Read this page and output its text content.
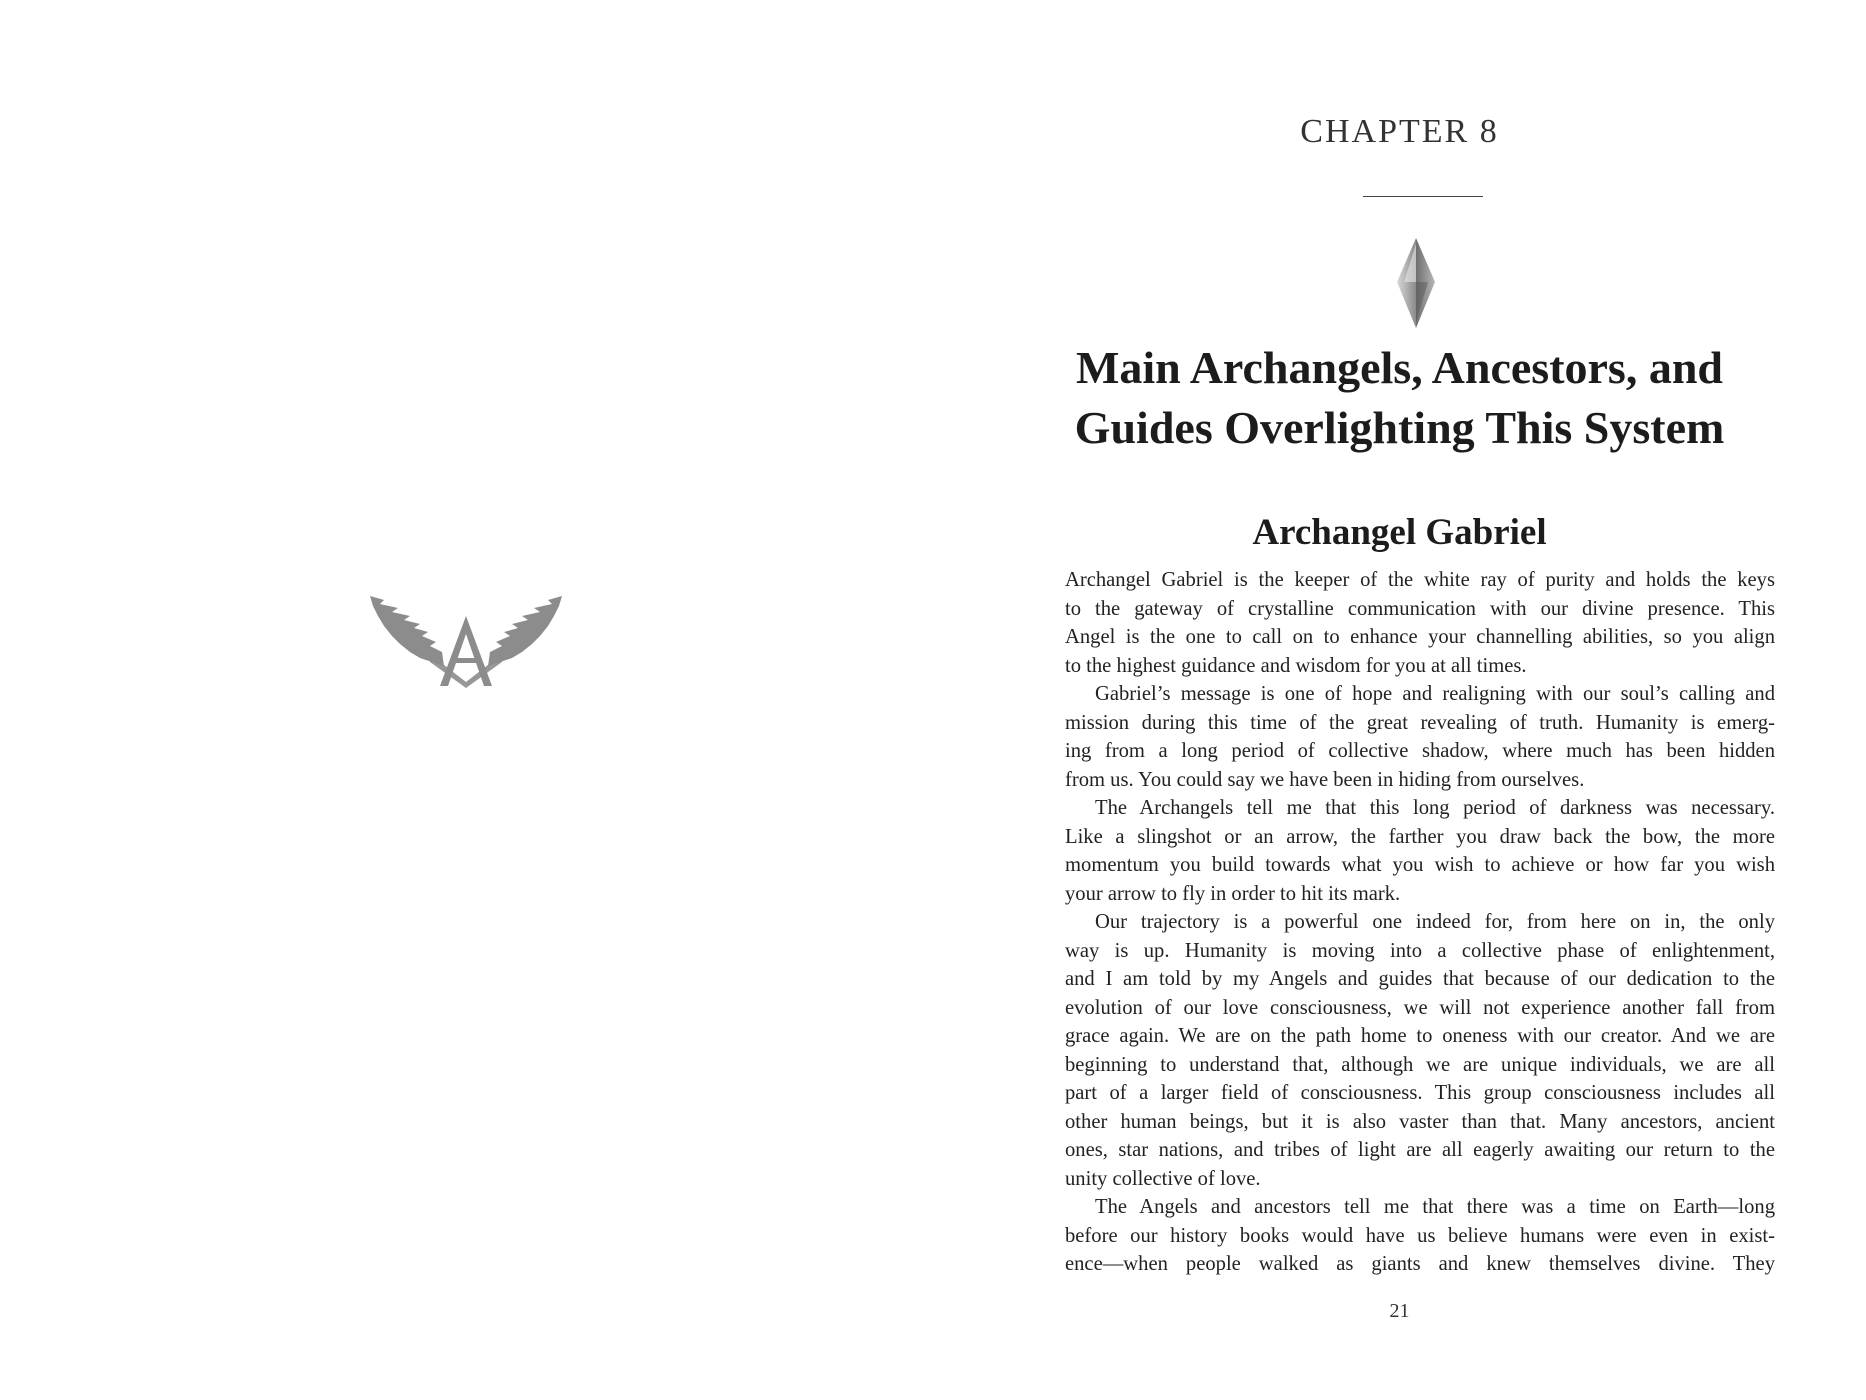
CHAPTER 8
Main Archangels, Ancestors, and
Guides Overlighting This System
Archangel Gabriel
Archangel Gabriel is the keeper of the white ray of purity and holds the keys
to the gateway of crystalline communication with our divine presence. This
Angel is the one to call on to enhance your channelling abilities, so you align
to the highest guidance and wisdom for you at all times.
Gabriel’s message is one of hope and realigning with our soul’s calling and
mission during this time of the great revealing of truth. Humanity is emerg-
ing from a long period of collective shadow, where much has been hidden
from us. You could say we have been in hiding from ourselves.
The Archangels tell me that this long period of darkness was necessary.
Like a slingshot or an arrow, the farther you draw back the bow, the more
momentum you build towards what you wish to achieve or how far you wish
your arrow to fly in order to hit its mark.
Our trajectory is a powerful one indeed for, from here on in, the only
way is up. Humanity is moving into a collective phase of enlightenment,
and I am told by my Angels and guides that because of our dedication to the
evolution of our love consciousness, we will not experience another fall from
grace again. We are on the path home to oneness with our creator. And we are
beginning to understand that, although we are unique individuals, we are all
part of a larger field of consciousness. This group consciousness includes all
other human beings, but it is also vaster than that. Many ancestors, ancient
ones, star nations, and tribes of light are all eagerly awaiting our return to the
unity collective of love.
The Angels and ancestors tell me that there was a time on Earth—long
before our history books would have us believe humans were even in exist-
ence—when people walked as giants and knew themselves divine. They
21
